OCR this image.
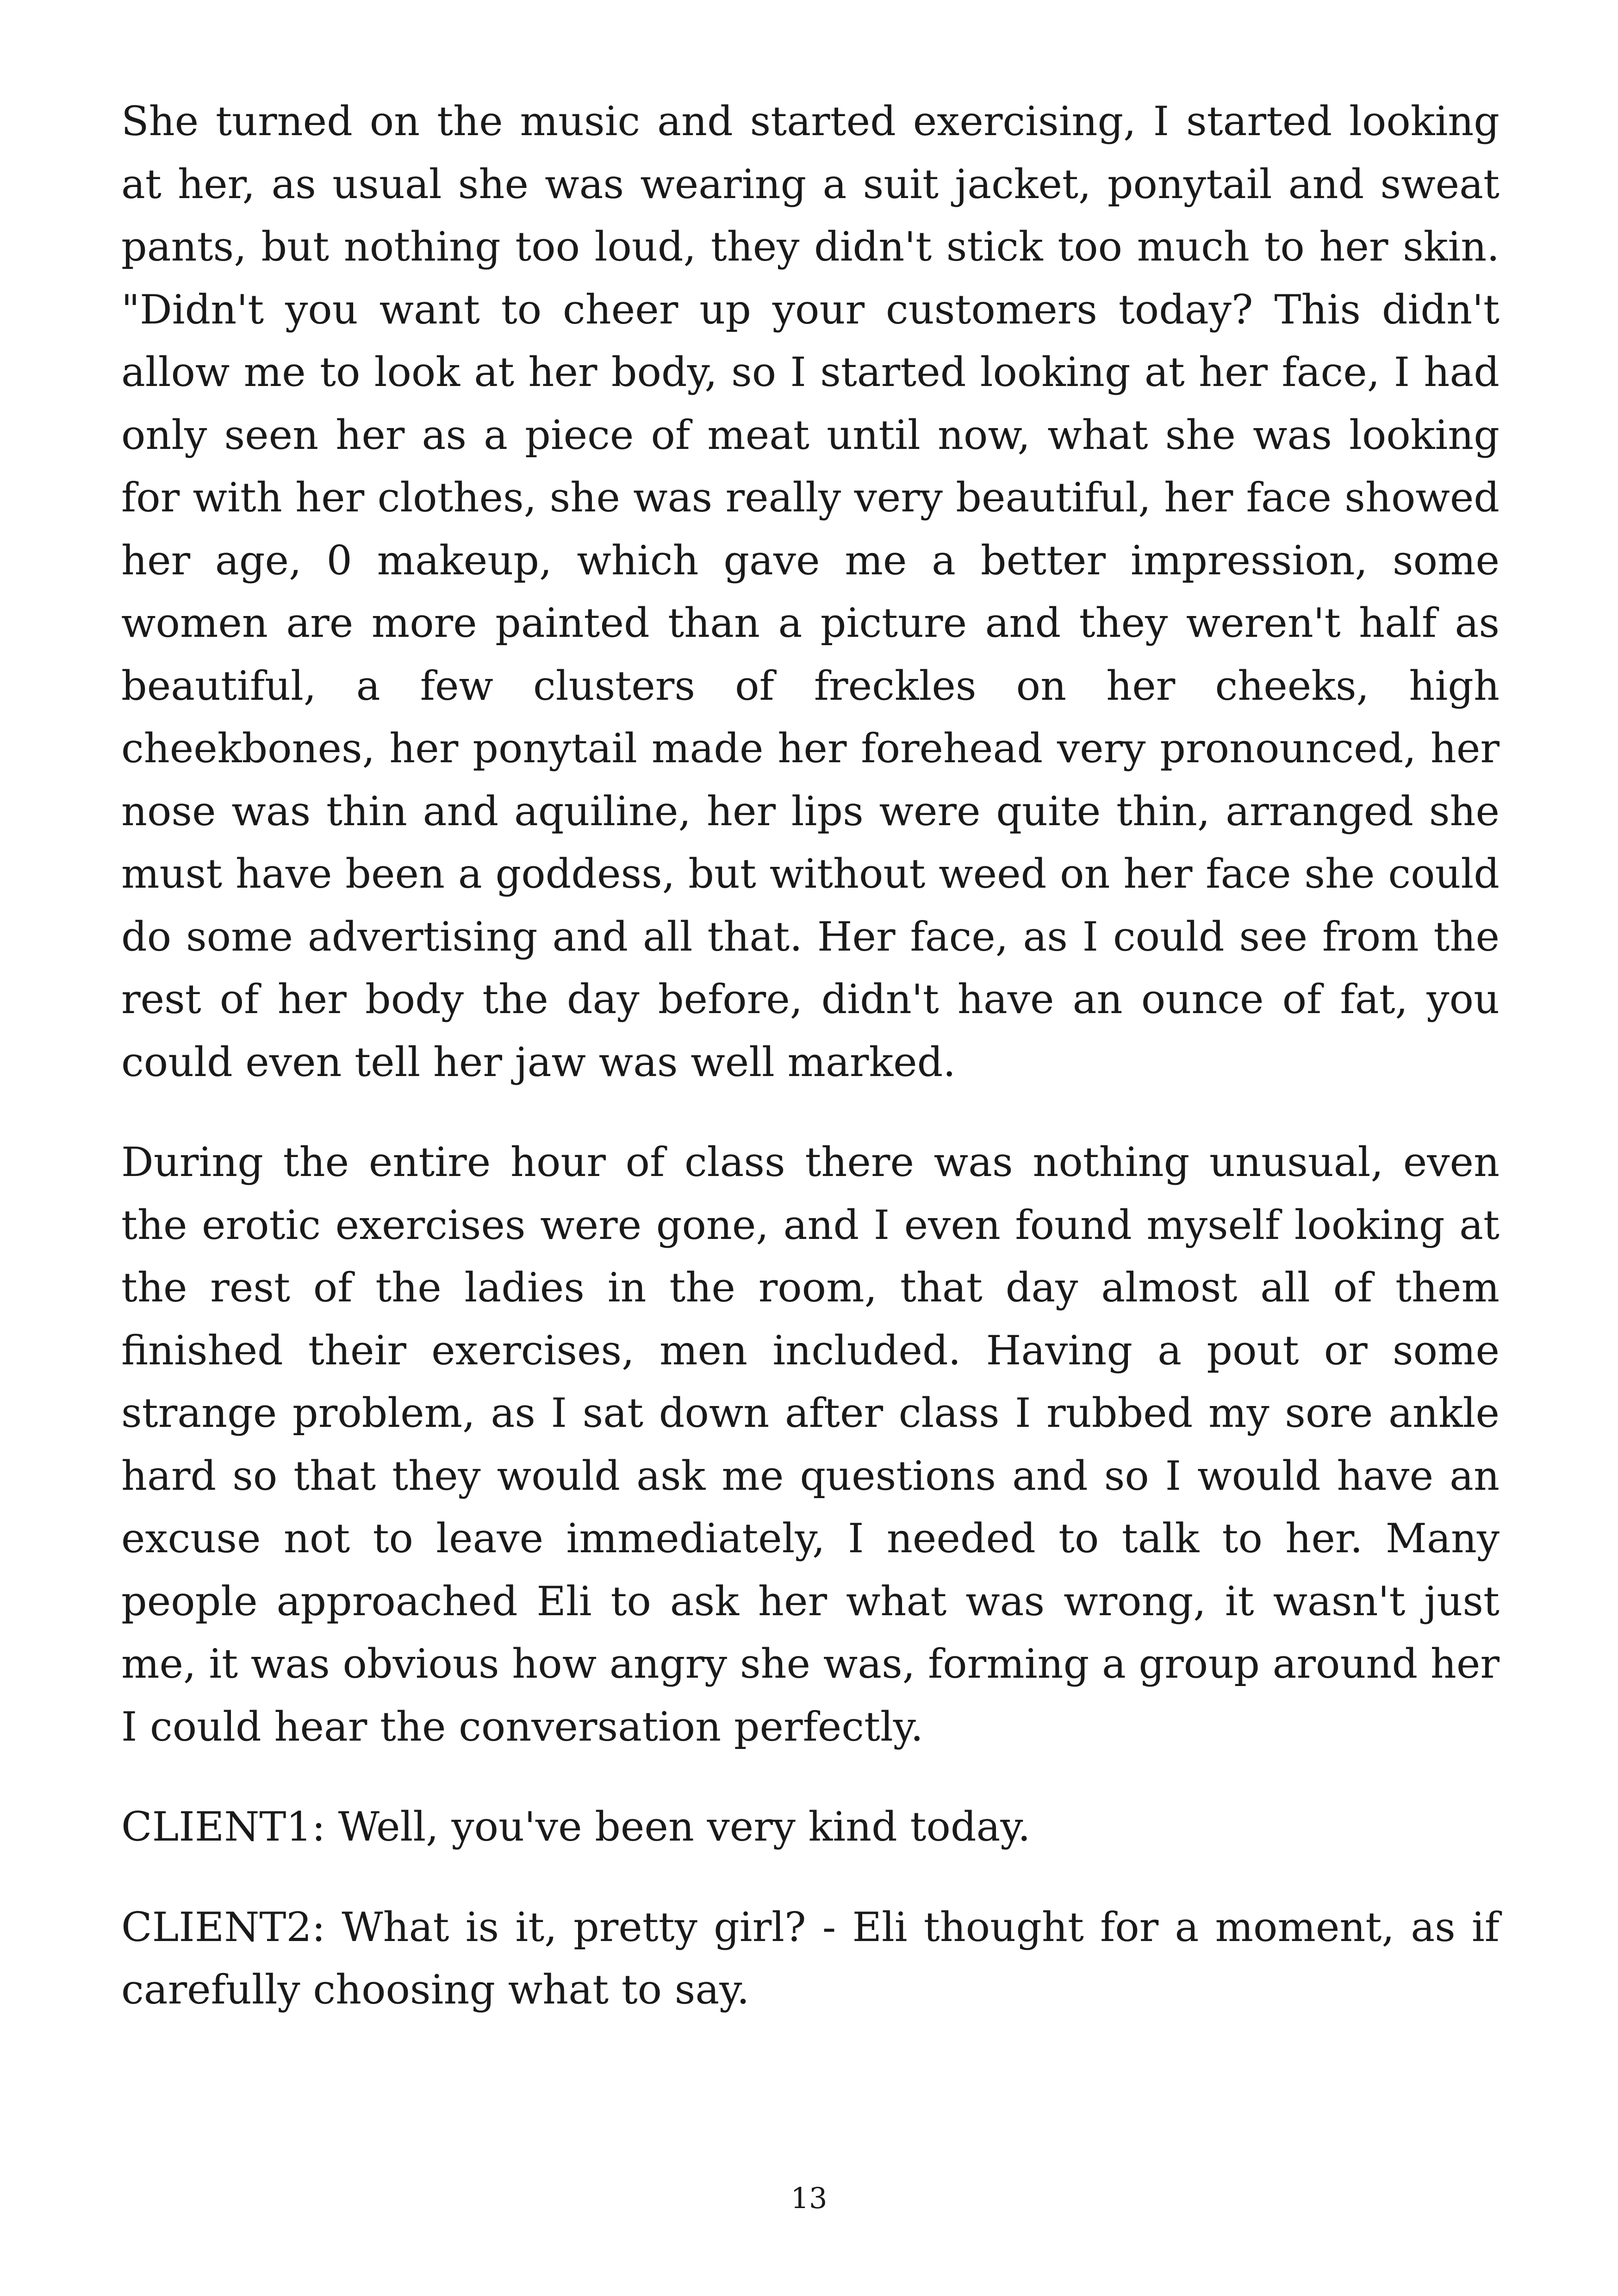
She turned on the music and started exercising, I started looking at her, as usual she was wearing a suit jacket, ponytail and sweat pants, but nothing too loud, they didn't stick too much to her skin. "Didn't you want to cheer up your customers today? This didn't allow me to look at her body, so I started looking at her face, I had only seen her as a piece of meat until now, what she was looking for with her clothes, she was really very beautiful, her face showed her age, 0 makeup, which gave me a better impression, some women are more painted than a picture and they weren't half as beautiful, a few clusters of freckles on her cheeks, high cheekbones, her ponytail made her forehead very pronounced, her nose was thin and aquiline, her lips were quite thin, arranged she must have been a goddess, but without weed on her face she could do some advertising and all that. Her face, as I could see from the rest of her body the day before, didn't have an ounce of fat, you could even tell her jaw was well marked.

During the entire hour of class there was nothing unusual, even the erotic exercises were gone, and I even found myself looking at the rest of the ladies in the room, that day almost all of them finished their exercises, men included. Having a pout or some strange problem, as I sat down after class I rubbed my sore ankle hard so that they would ask me questions and so I would have an excuse not to leave immediately, I needed to talk to her. Many people approached Eli to ask her what was wrong, it wasn't just me, it was obvious how angry she was, forming a group around her I could hear the conversation perfectly.

CLIENT1: Well, you've been very kind today.

CLIENT2: What is it, pretty girl? - Eli thought for a moment, as if carefully choosing what to say.

13
